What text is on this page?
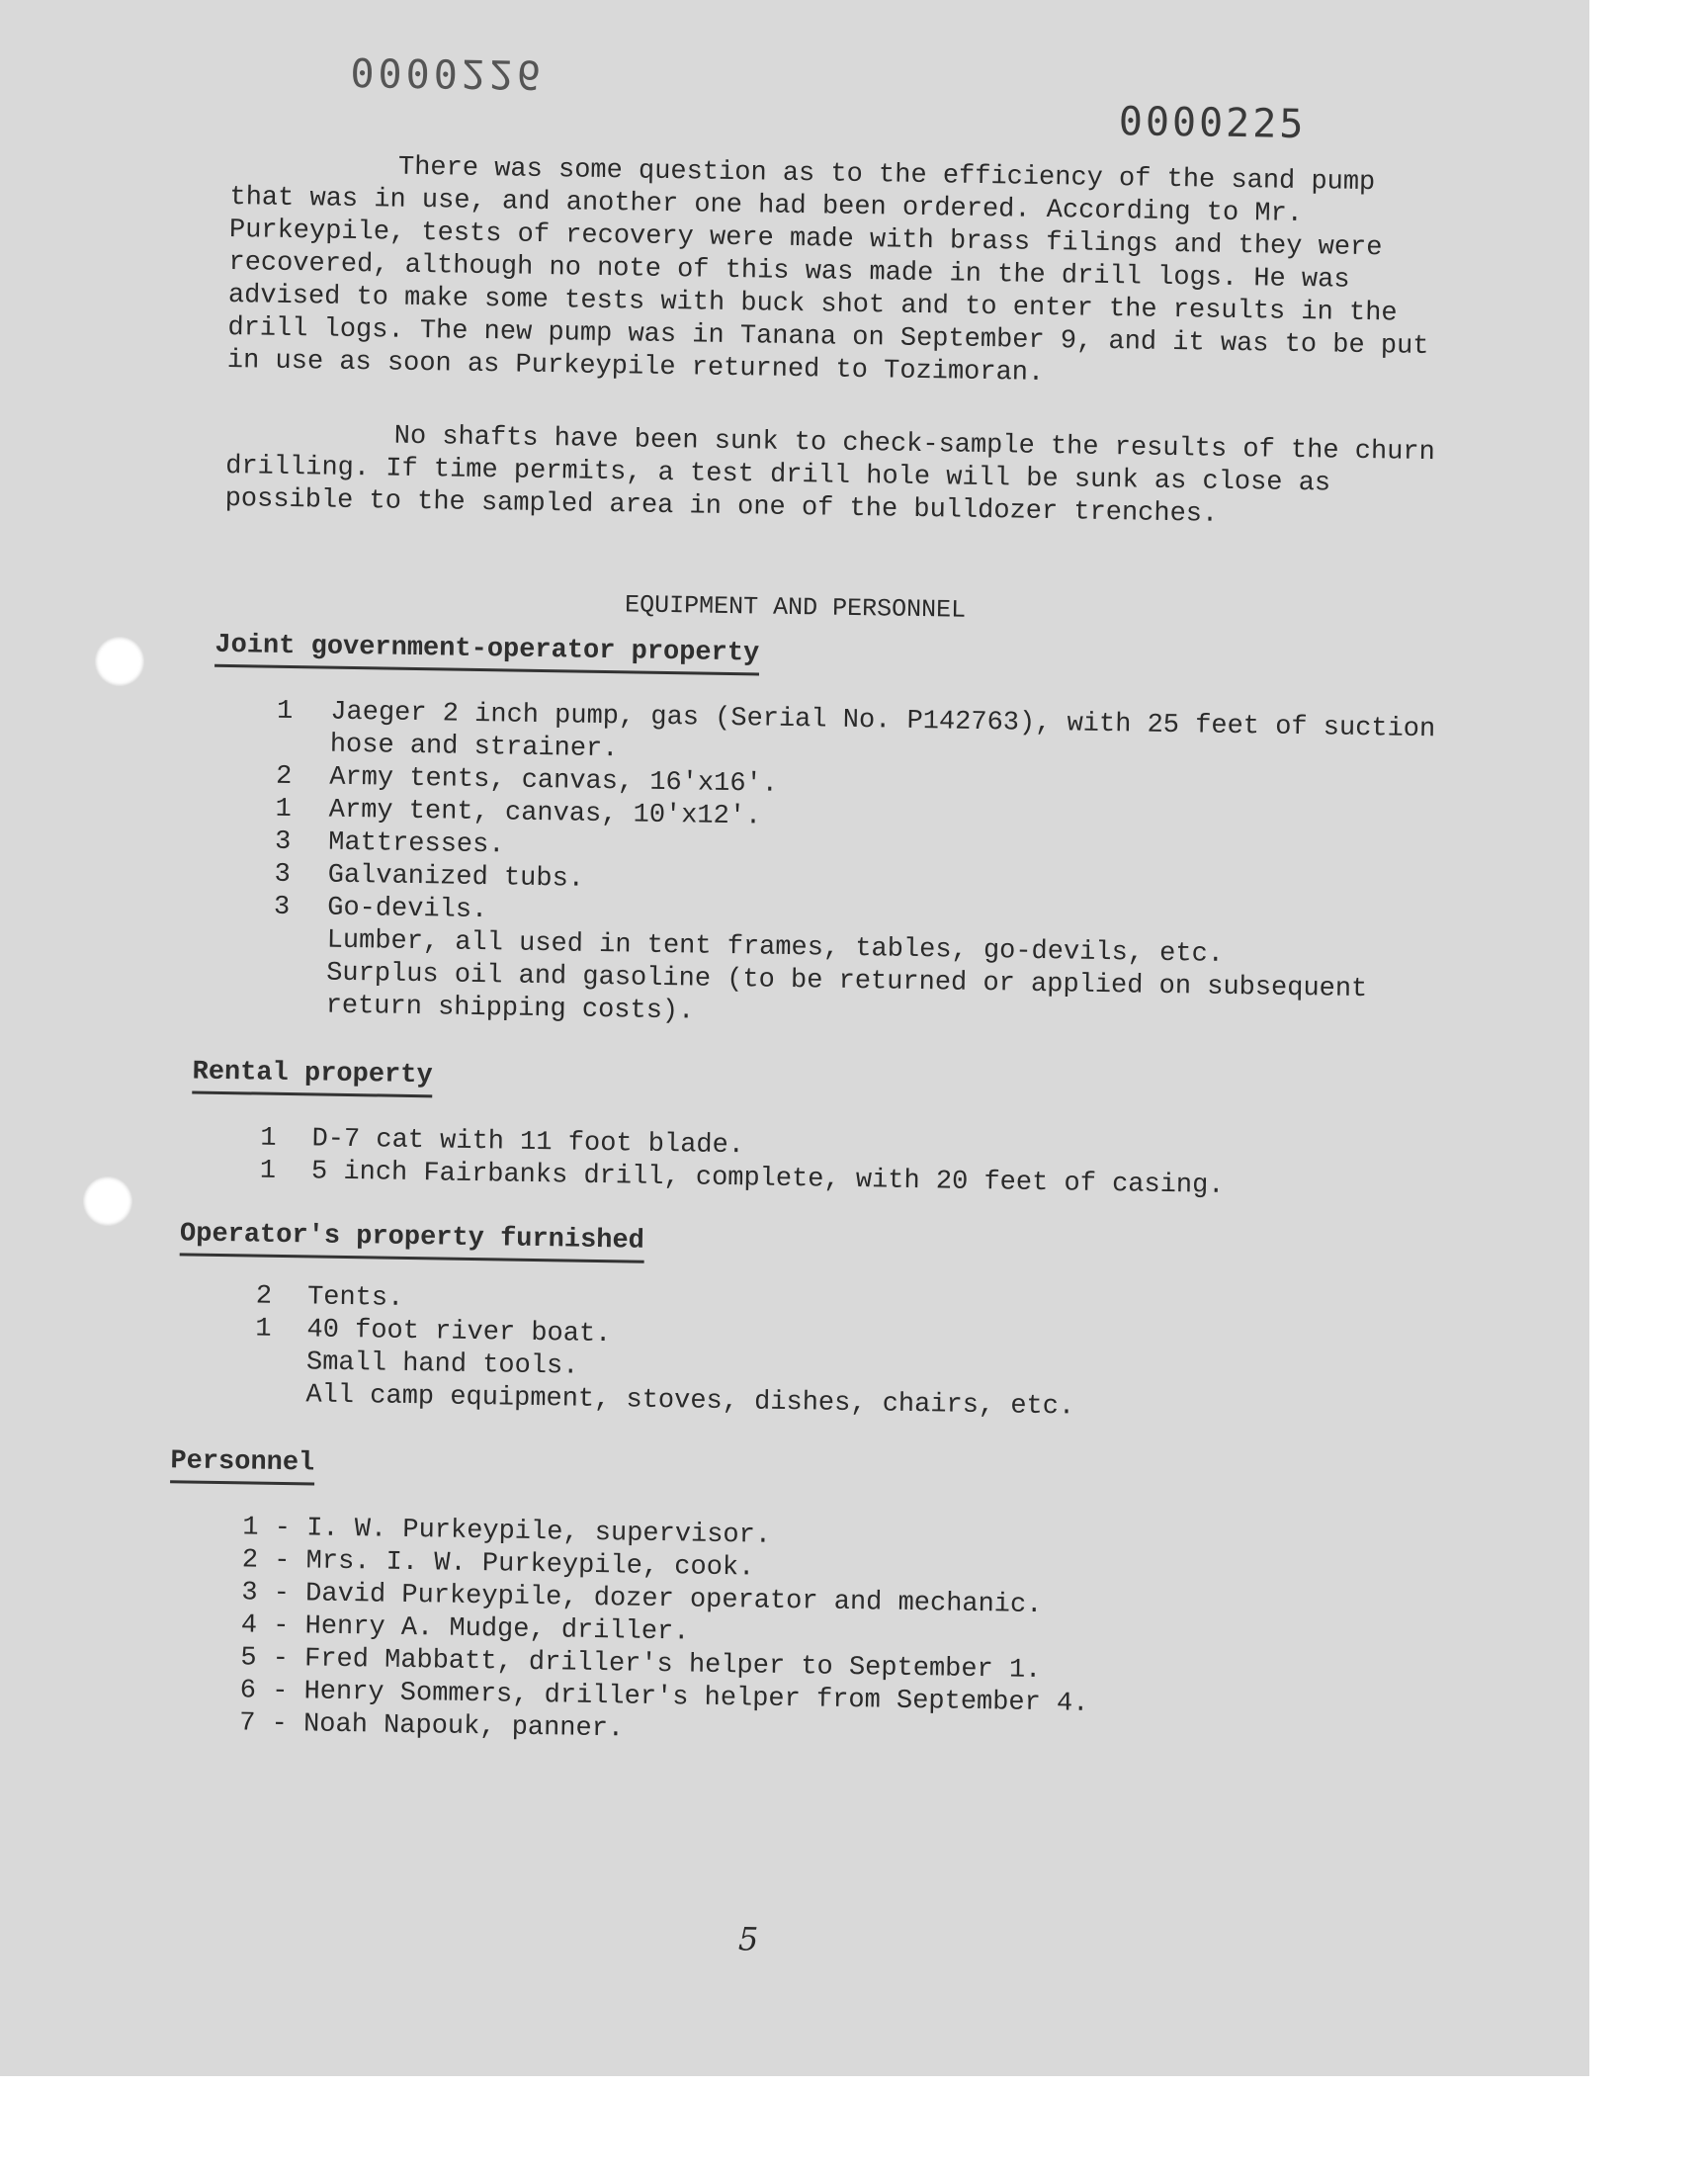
0000226
0000225
There was some question as to the efficiency of the sand pump that was in use, and another one had been ordered. According to Mr. Purkeypile, tests of recovery were made with brass filings and they were recovered, although no note of this was made in the drill logs. He was advised to make some tests with buck shot and to enter the results in the drill logs. The new pump was in Tanana on September 9, and it was to be put in use as soon as Purkeypile returned to Tozimoran.
No shafts have been sunk to check-sample the results of the churn drilling. If time permits, a test drill hole will be sunk as close as possible to the sampled area in one of the bulldozer trenches.
EQUIPMENT AND PERSONNEL
Joint government-operator property
1 Jaeger 2 inch pump, gas (Serial No. P142763), with 25 feet of suction
hose and strainer.
2 Army tents, canvas, 16'x16'.
1 Army tent, canvas, 10'x12'.
3 Mattresses.
3 Galvanized tubs.
3 Go-devils.
Lumber, all used in tent frames, tables, go-devils, etc.
Surplus oil and gasoline (to be returned or applied on subsequent
return shipping costs).
Rental property
1 D-7 cat with 11 foot blade.
1 5 inch Fairbanks drill, complete, with 20 feet of casing.
Operator's property furnished
2 Tents.
1 40 foot river boat.
Small hand tools.
All camp equipment, stoves, dishes, chairs, etc.
Personnel
1 - I. W. Purkeypile, supervisor.
2 - Mrs. I. W. Purkeypile, cook.
3 - David Purkeypile, dozer operator and mechanic.
4 - Henry A. Mudge, driller.
5 - Fred Mabbatt, driller's helper to September 1.
6 - Henry Sommers, driller's helper from September 4.
7 - Noah Napouk, panner.
5
